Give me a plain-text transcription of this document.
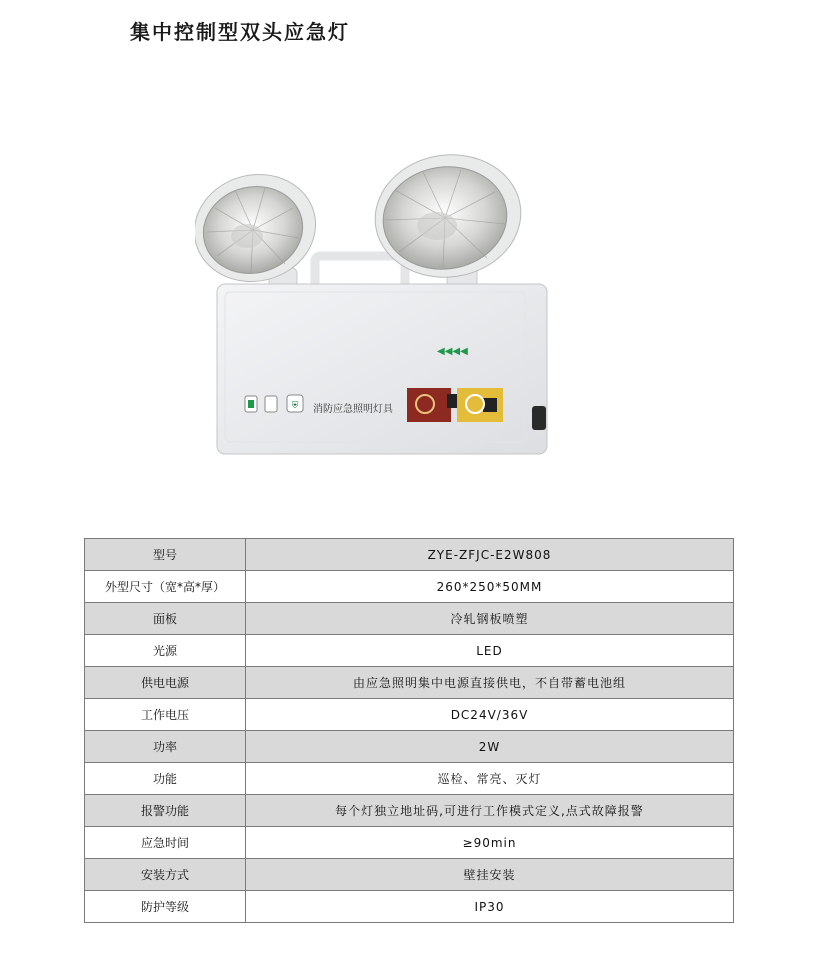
集中控制型双头应急灯
⛨
◀◀◀◀
消防应急照明灯具
型号	ZYE-ZFJC-E2W808
外型尺寸（宽*高*厚）	260*250*50MM
面板	冷轧钢板喷塑
光源	LED
供电电源	由应急照明集中电源直接供电，不自带蓄电池组
工作电压	DC24V/36V
功率	2W
功能	巡检、常亮、灭灯
报警功能	每个灯独立地址码,可进行工作模式定义,点式故障报警
应急时间	≥90min
安装方式	壁挂安装
防护等级	IP30
